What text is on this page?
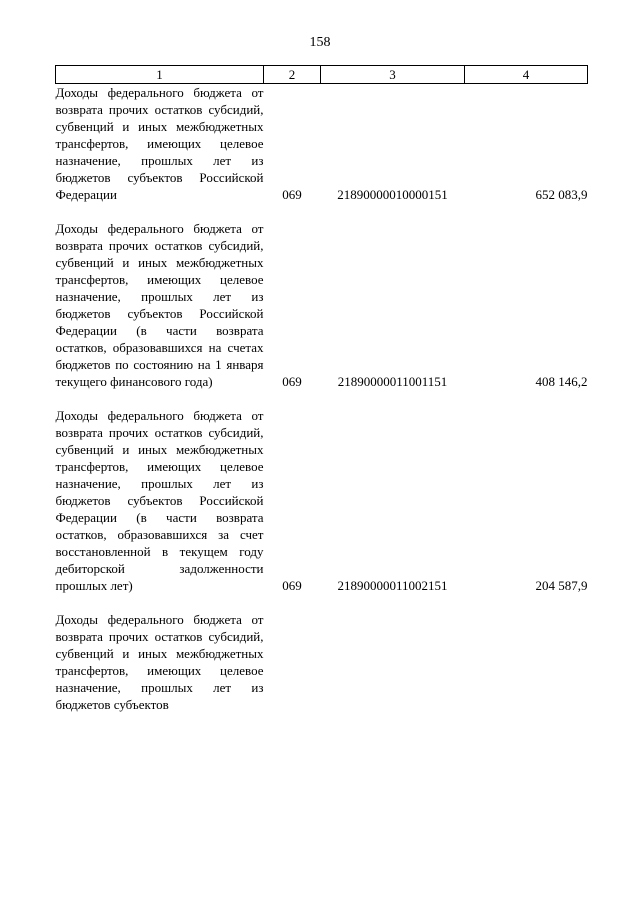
158
1	2	3	4
Доходы федерального бюджета от возврата прочих остатков субсидий, субвенций и иных межбюджетных трансфертов, имеющих целевое назначение, прошлых лет из бюджетов субъектов Российской Федерации	069	21890000010000151	652 083,9

Доходы федерального бюджета от возврата прочих остатков субсидий, субвенций и иных межбюджетных трансфертов, имеющих целевое назначение, прошлых лет из бюджетов субъектов Российской Федерации (в части возврата остатков, образовавшихся на счетах бюджетов по состоянию на 1 января текущего финансового года)	069	21890000011001151	408 146,2

Доходы федерального бюджета от возврата прочих остатков субсидий, субвенций и иных межбюджетных трансфертов, имеющих целевое назначение, прошлых лет из бюджетов субъектов Российской Федерации (в части возврата остатков, образовавшихся за счет восстановленной в текущем году дебиторской задолженности прошлых лет)	069	21890000011002151	204 587,9

Доходы федерального бюджета от возврата прочих остатков субсидий, субвенций и иных межбюджетных трансфертов, имеющих целевое назначение, прошлых лет из бюджетов субъектов			
